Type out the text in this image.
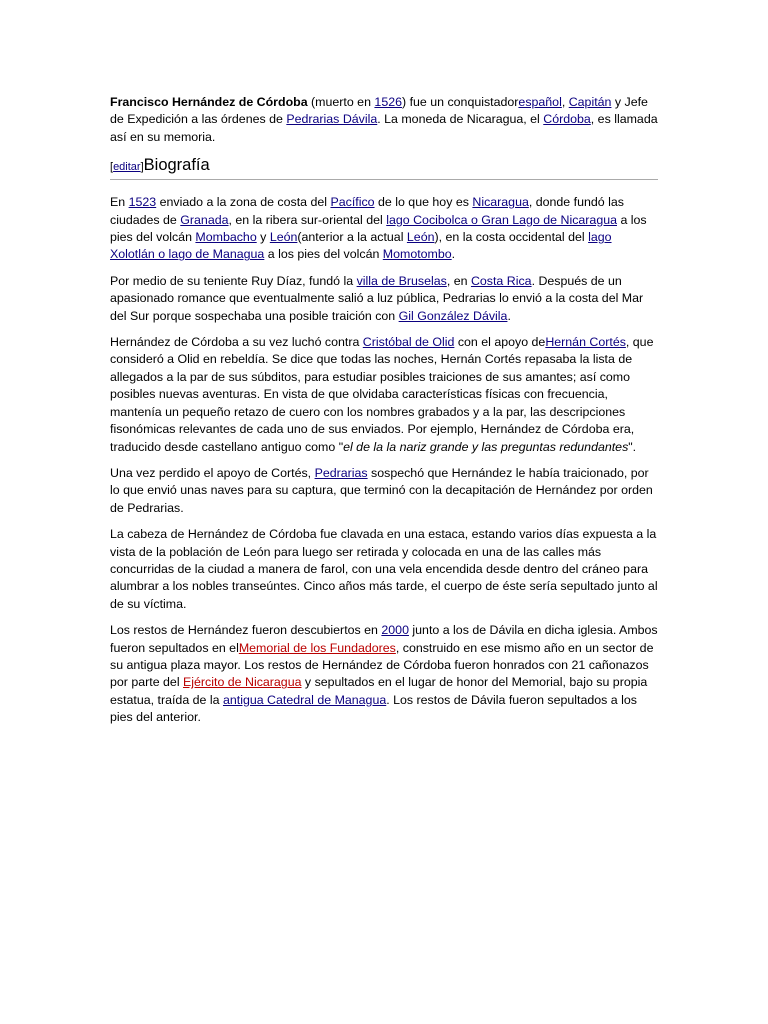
Francisco Hernández de Córdoba (muerto en 1526) fue un conquistadorespañol, Capitán y Jefe de Expedición a las órdenes de Pedrarias Dávila. La moneda de Nicaragua, el Córdoba, es llamada así en su memoria.

[editar]Biografía

En 1523 enviado a la zona de costa del Pacífico de lo que hoy es Nicaragua, donde fundó las ciudades de Granada, en la ribera sur-oriental del lago Cocibolca o Gran Lago de Nicaragua a los pies del volcán Mombacho y León(anterior a la actual León), en la costa occidental del lago Xolotlán o lago de Managua a los pies del volcán Momotombo.

Por medio de su teniente Ruy Díaz, fundó la villa de Bruselas, en Costa Rica. Después de un apasionado romance que eventualmente salió a luz pública, Pedrarias lo envió a la costa del Mar del Sur porque sospechaba una posible traición con Gil González Dávila.

Hernández de Córdoba a su vez luchó contra Cristóbal de Olid con el apoyo deHernán Cortés, que consideró a Olid en rebeldía. Se dice que todas las noches, Hernán Cortés repasaba la lista de allegados a la par de sus súbditos, para estudiar posibles traiciones de sus amantes; así como posibles nuevas aventuras. En vista de que olvidaba características físicas con frecuencia, mantenía un pequeño retazo de cuero con los nombres grabados y a la par, las descripciones fisonómicas relevantes de cada uno de sus enviados. Por ejemplo, Hernández de Córdoba era, traducido desde castellano antiguo como "el de la la nariz grande y las preguntas redundantes".

Una vez perdido el apoyo de Cortés, Pedrarias sospechó que Hernández le había traicionado, por lo que envió unas naves para su captura, que terminó con la decapitación de Hernández por orden de Pedrarias.

La cabeza de Hernández de Córdoba fue clavada en una estaca, estando varios días expuesta a la vista de la población de León para luego ser retirada y colocada en una de las calles más concurridas de la ciudad a manera de farol, con una vela encendida desde dentro del cráneo para alumbrar a los nobles transeúntes. Cinco años más tarde, el cuerpo de éste sería sepultado junto al de su víctima.

Los restos de Hernández fueron descubiertos en 2000 junto a los de Dávila en dicha iglesia. Ambos fueron sepultados en elMemorial de los Fundadores, construido en ese mismo año en un sector de su antigua plaza mayor. Los restos de Hernández de Córdoba fueron honrados con 21 cañonazos por parte del Ejército de Nicaragua y sepultados en el lugar de honor del Memorial, bajo su propia estatua, traída de la antigua Catedral de Managua. Los restos de Dávila fueron sepultados a los pies del anterior.
